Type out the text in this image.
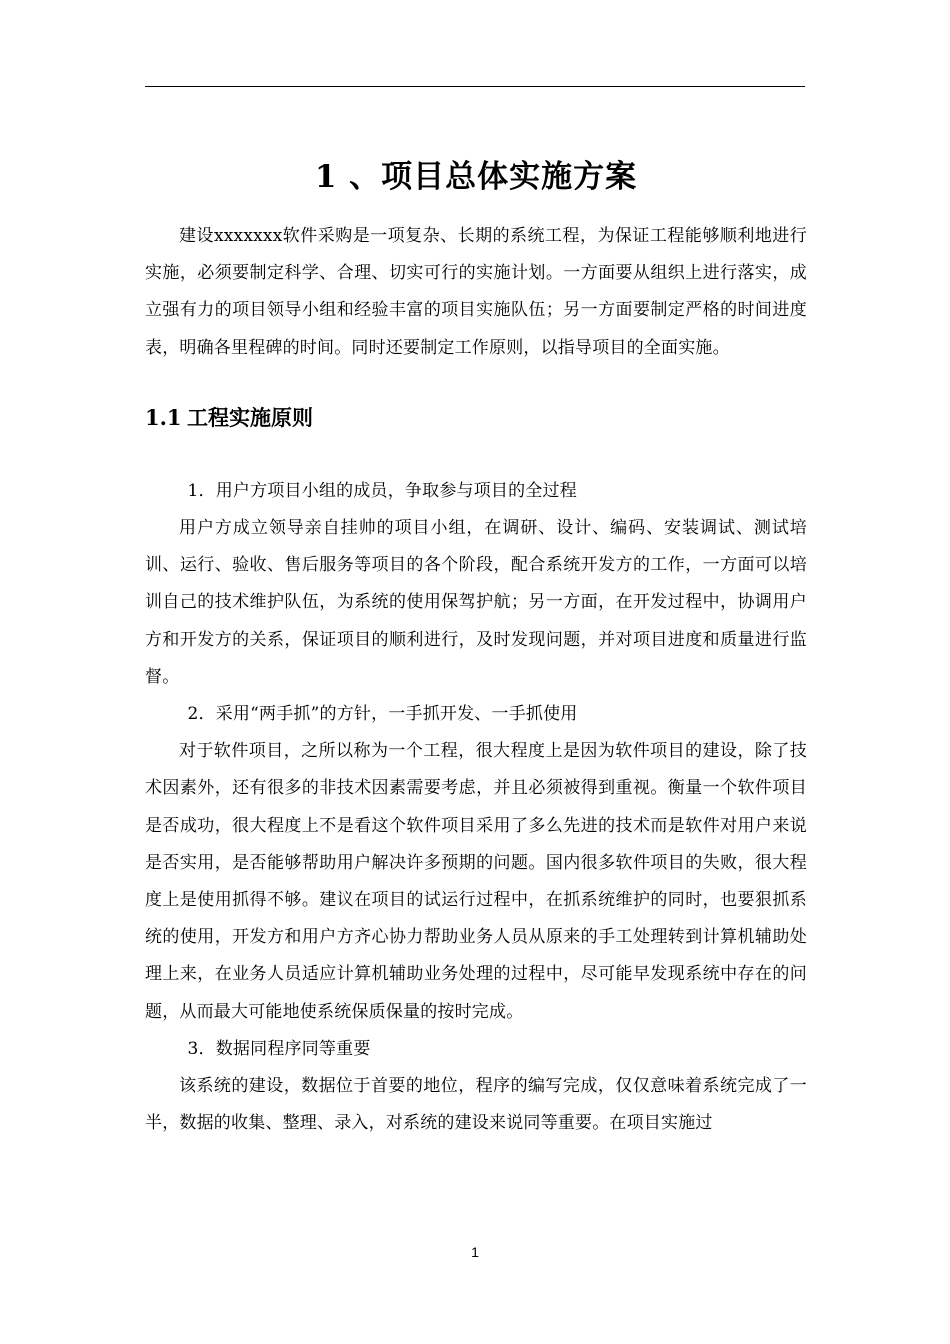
1 、项目总体实施方案

建设xxxxxxx软件采购是一项复杂、长期的系统工程，为保证工程能够顺利地进行实施，必须要制定科学、合理、切实可行的实施计划。一方面要从组织上进行落实，成立强有力的项目领导小组和经验丰富的项目实施队伍；另一方面要制定严格的时间进度表，明确各里程碑的时间。同时还要制定工作原则，以指导项目的全面实施。

1.1 工程实施原则

1．用户方项目小组的成员，争取参与项目的全过程

用户方成立领导亲自挂帅的项目小组，在调研、设计、编码、安装调试、测试培训、运行、验收、售后服务等项目的各个阶段，配合系统开发方的工作，一方面可以培训自己的技术维护队伍，为系统的使用保驾护航；另一方面，在开发过程中，协调用户方和开发方的关系，保证项目的顺利进行，及时发现问题，并对项目进度和质量进行监督。

2．采用“两手抓”的方针，一手抓开发、一手抓使用

对于软件项目，之所以称为一个工程，很大程度上是因为软件项目的建设，除了技术因素外，还有很多的非技术因素需要考虑，并且必须被得到重视。衡量一个软件项目是否成功，很大程度上不是看这个软件项目采用了多么先进的技术而是软件对用户来说是否实用，是否能够帮助用户解决许多预期的问题。国内很多软件项目的失败，很大程度上是使用抓得不够。建议在项目的试运行过程中，在抓系统维护的同时，也要狠抓系统的使用，开发方和用户方齐心协力帮助业务人员从原来的手工处理转到计算机辅助处理上来，在业务人员适应计算机辅助业务处理的过程中，尽可能早发现系统中存在的问题，从而最大可能地使系统保质保量的按时完成。

3．数据同程序同等重要

该系统的建设，数据位于首要的地位，程序的编写完成，仅仅意味着系统完成了一半，数据的收集、整理、录入，对系统的建设来说同等重要。在项目实施过

1
